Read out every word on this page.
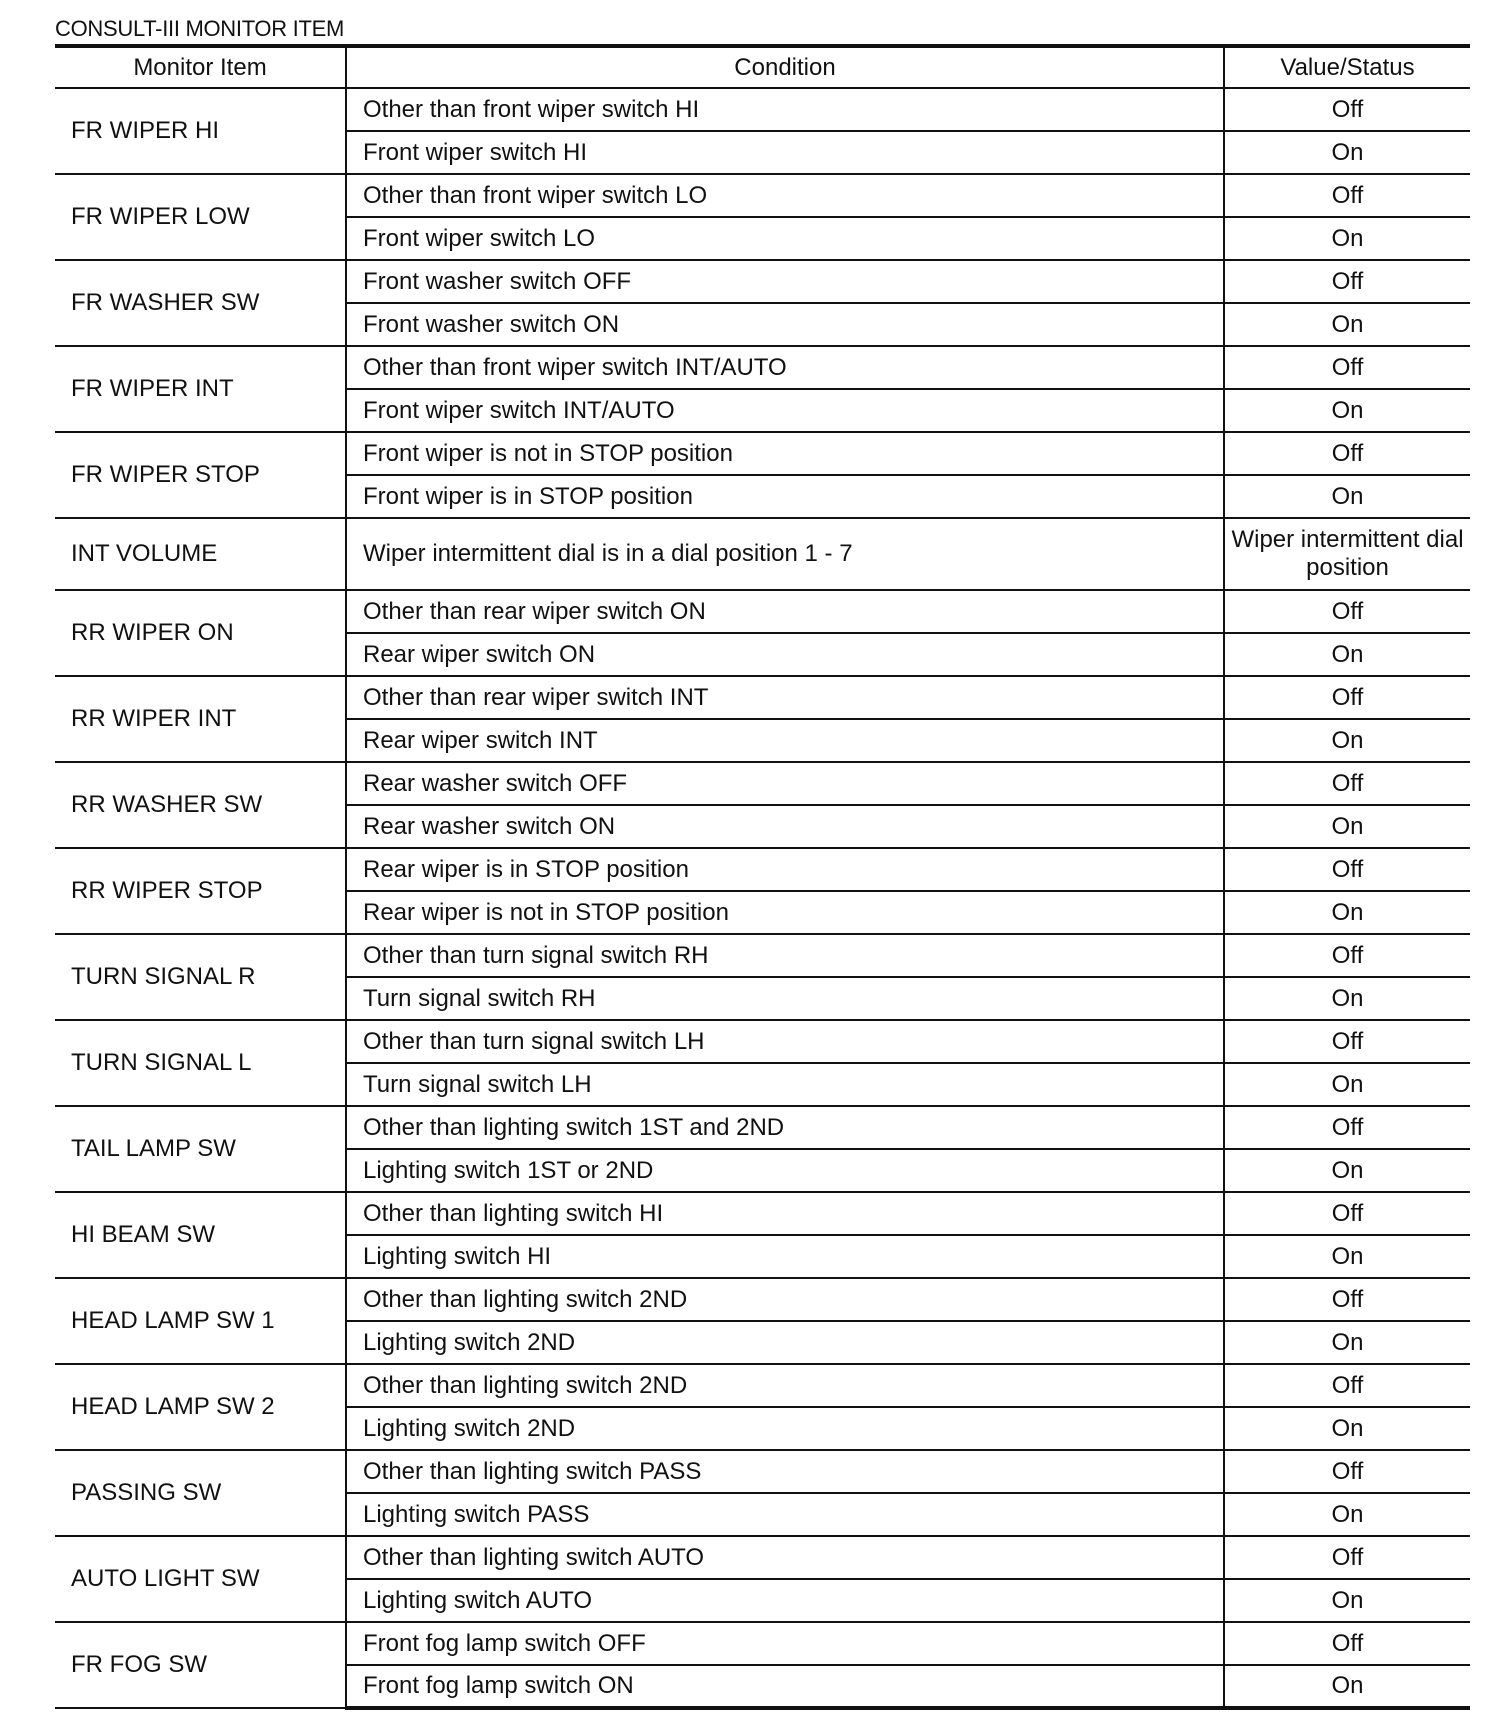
CONSULT-III MONITOR ITEM
Monitor Item	Condition	Value/Status
FR WIPER HI	Other than front wiper switch HI	Off
	Front wiper switch HI	On
FR WIPER LOW	Other than front wiper switch LO	Off
	Front wiper switch LO	On
FR WASHER SW	Front washer switch OFF	Off
	Front washer switch ON	On
FR WIPER INT	Other than front wiper switch INT/AUTO	Off
	Front wiper switch INT/AUTO	On
FR WIPER STOP	Front wiper is not in STOP position	Off
	Front wiper is in STOP position	On
INT VOLUME	Wiper intermittent dial is in a dial position 1 - 7	Wiper intermittent dial position
RR WIPER ON	Other than rear wiper switch ON	Off
	Rear wiper switch ON	On
RR WIPER INT	Other than rear wiper switch INT	Off
	Rear wiper switch INT	On
RR WASHER SW	Rear washer switch OFF	Off
	Rear washer switch ON	On
RR WIPER STOP	Rear wiper is in STOP position	Off
	Rear wiper is not in STOP position	On
TURN SIGNAL R	Other than turn signal switch RH	Off
	Turn signal switch RH	On
TURN SIGNAL L	Other than turn signal switch LH	Off
	Turn signal switch LH	On
TAIL LAMP SW	Other than lighting switch 1ST and 2ND	Off
	Lighting switch 1ST or 2ND	On
HI BEAM SW	Other than lighting switch HI	Off
	Lighting switch HI	On
HEAD LAMP SW 1	Other than lighting switch 2ND	Off
	Lighting switch 2ND	On
HEAD LAMP SW 2	Other than lighting switch 2ND	Off
	Lighting switch 2ND	On
PASSING SW	Other than lighting switch PASS	Off
	Lighting switch PASS	On
AUTO LIGHT SW	Other than lighting switch AUTO	Off
	Lighting switch AUTO	On
FR FOG SW	Front fog lamp switch OFF	Off
	Front fog lamp switch ON	On
